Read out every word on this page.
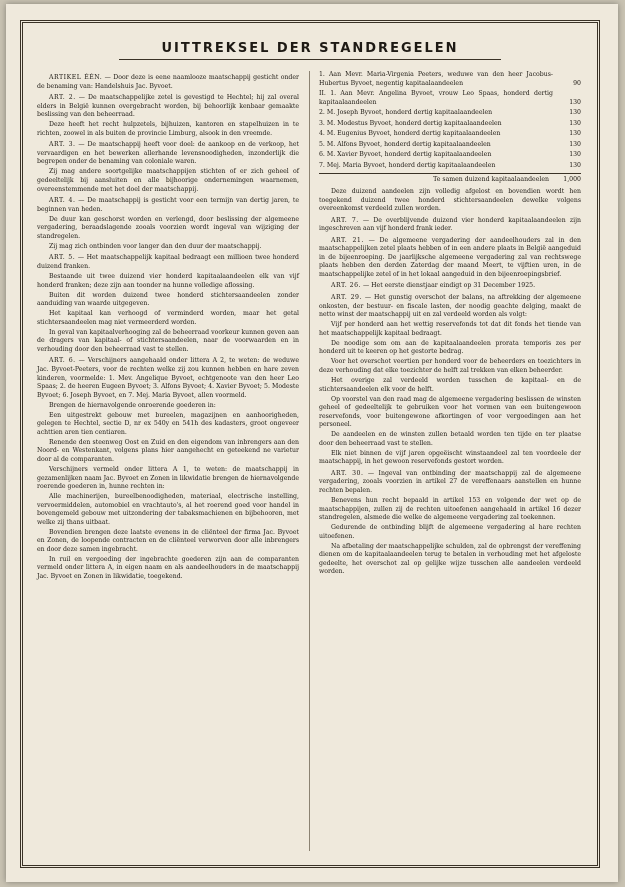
UITTREKSEL DER STANDREGELEN

ARTIKEL ÉÉN. — Door deze is eene naamlooze maatschappij gesticht onder de benaming van: Handelshuis Jac. Byvoet.

ART. 2. — De maatschappelijke zetel is gevestigd te Hechtel; hij zal overal elders in België kunnen overgebracht worden, bij behoorlijk kenbaar gemaakte beslissing van den beheerraad.

Deze heeft het recht hulpzetels, bijhuizen, kantoren en stapelhuizen in te richten, zoowel in als buiten de provincie Limburg, alsook in den vreemde.

ART. 3. — De maatschappij heeft voor doel: de aankoop en de verkoop, het vervaardigen en het bewerken allerhande levensnoodigheden, inzonderlijk die begrepen onder de benaming van coloniale waren.

Zij mag andere soortgelijke maatschappijen stichten of er zich geheel of gedeeltelijk bij aansluiten en alle bijhoorige ondernemingen waarnemen, overeenstemmende met het doel der maatschappij.

ART. 4. — De maatschappij is gesticht voor een termijn van dertig jaren, te beginnen van heden.

De duur kan geschorst worden en verlengd, door beslissing der algemeene vergadering, beraadslagende zooals voorzien wordt ingeval van wijziging der standregelen.

Zij mag zich ontbinden voor langer dan den duur der maatschappij.

ART. 5. — Het maatschappelijk kapitaal bedraagt een millioen twee honderd duizend franken.

Bestaande uit twee duizend vier honderd kapitaalaandeelen elk van vijf honderd franken; deze zijn aan toonder na hunne volledige aflossing.

Buiten dit worden duizend twee honderd stichtersaandeelen zonder aanduiding van waarde uitgegeven.

Het kapitaal kan verhoogd of verminderd worden, maar het getal stichtersaandeelen mag niet vermeerderd worden.

In geval van kapitaalverhooging zal de beheerraad voorkeur kunnen geven aan de dragers van kapitaal- of stichtersaandeelen, naar de voorwaarden en in verhouding door den beheerraad vast te stellen.

ART. 6. — Verschijners aangehaald onder littera A 2, te weten: de weduwe Jac. Byvoet-Peeters, voor de rechten welke zij zou kunnen hebben en hare zeven kinderen, voormelde: 1. Mev. Angelique Byvoet, echtgenoote van den heer Leo Spaas; 2. de heeren Eugeen Byvoet; 3. Alfons Byvoet; 4. Xavier Byvoet; 5. Modeste Byvoet; 6. Joseph Byvoet, en 7. Mej. Maria Byvoet, allen voormeld.

Brengen de hiernavolgende onroerende goederen in:

Een uitgestrekt gebouw met bureelen, magazijnen en aanhoorigheden, gelegen te Hechtel, sectie D, nr ex 540y en 541h des kadasters, groot ongeveer achttien aren tien centiaren.

Renende den steenweg Oost en Zuid en den eigendom van inbrengers aan den Noord- en Westenkant, volgens plans hier aangehecht en geteekend ne varietur door al de comparanten.

Verschijners vermeld onder littera A 1, te weten: de maatschappij in gezamenlijken naam Jac. Byvoet en Zonen in likwidatie brengen de hiernavolgende roerende goederen in, hunne rechten in:

Alle machinerijen, bureelbenoodigheden, materiaal, electrische instelling, vervoermiddelen, automobiel en vrachtauto's, al het roerend goed voor handel in bovengemeld gebouw met uitzondering der tabaksmachienen en bijbehooren, met welke zij thans uitbaat.

Bovendien brengen deze laatste evenens in de cliënteel der firma Jac. Byvoet en Zonen, de loopende contracten en de cliënteel verworven door alle inbrengers en door deze samen ingebracht.

In ruil en vergoeding der ingebrachte goederen zijn aan de comparanten vermeld onder littera A, in eigen naam en als aandeelhouders in de maatschappij Jac. Byvoet en Zonen in likwidatie, toegekend.

1. Aan Mevr. Maria-Virgenia Peeters, weduwe van den heer Jacobus-Hubertus Byvoet, negentig kapitaalaandeelen	90
II. 1. Aan Mevr. Angelina Byvoet, vrouw Leo Spaas, honderd dertig kapitaalaandeelen	130
2. M. Joseph Byvoet, honderd dertig kapitaalaandeelen	130
3. M. Modestus Byvoet, honderd dertig kapitaalaandeelen	130
4. M. Eugenius Byvoet, honderd dertig kapitaalaandeelen	130
5. M. Alfons Byvoet, honderd dertig kapitaalaandeelen	130
6. M. Xavier Byvoet, honderd dertig kapitaalaandeelen	130
7. Mej. Maria Byvoet, honderd dertig kapitaalaandeelen	130
Te samen duizend kapitaalaandeelen	1,000

Deze duizend aandeelen zijn volledig afgelost en bovendien wordt hen toegekend duizend twee honderd stichtersaandeelen dewelke volgens overeenkomst verdeeld zullen worden.

ART. 7. — De overblijvende duizend vier honderd kapitaalaandeelen zijn ingeschreven aan vijf honderd frank ieder.

ART. 21. — De algemeene vergadering der aandeelhouders zal in den maatschappelijken zetel plaats hebben of in een andere plaats in België aangeduid in de bijeenroeping. De jaarlijksche algemeene vergadering zal van rechtswege plaats hebben den derden Zaterdag der maand Meert, te vijftien uren, in de maatschappelijke zetel of in het lokaal aangeduid in den bijeenroepingsbrief.

ART. 26. — Het eerste dienstjaar eindigt op 31 December 1925.

ART. 29. — Het gunstig overschot der balans, na aftrekking der algemeene onkosten, der bestuur- en fiscale lasten, der noodig geachte delging, maakt de netto winst der maatschappij uit en zal verdeeld worden als volgt:

Vijf per honderd aan het wettig reservefonds tot dat dit fonds het tiende van het maatschappelijk kapitaal bedraagt.

De noodige som om aan de kapitaalaandeelen prorata temporis zes per honderd uit te keeren op het gestorte bedrag.

Voor het overschot veertien per honderd voor de beheerders en toezichters in deze verhouding dat elke toezichter de helft zal trekken van elken beheerder.

Het overige zal verdeeld worden tusschen de kapitaal- en de stichtersaandeelen elk voor de helft.

Op voorstel van den raad mag de algemeene vergadering beslissen de winsten geheel of gedeeltelijk te gebruiken voor het vormen van een buitengewoon reservefonds, voor buitengewone afkortingen of voor vergoedingen aan het personeel.

De aandeelen en de winsten zullen betaald worden ten tijde en ter plaatse door den beheerraad vast te stellen.

Elk niet binnen de vijf jaren opgeëischt winstaandeel zal ten voordeele der maatschappij, in het gewoon reservefonds gestort worden.

ART. 30. — Ingeval van ontbinding der maatschappij zal de algemeene vergadering, zooals voorzien in artikel 27 de vereffenaars aanstellen en hunne rechten bepalen.

Benevens hun recht bepaald in artikel 153 en volgende der wet op de maatschappijen, zullen zij de rechten uitoefenen aangehaald in artikel 16 dezer standregelen, alsmede die welke de algemeene vergadering zal toekennen.

Gedurende de ontbinding blijft de algemeene vergadering al hare rechten uitoefenen.

Na afbetaling der maatschappelijke schulden, zal de opbrengst der vereffening dienen om de kapitaalaandeelen terug te betalen in verhouding met het afgeloste gedeelte, het overschot zal op gelijke wijze tusschen alle aandeelen verdeeld worden.
